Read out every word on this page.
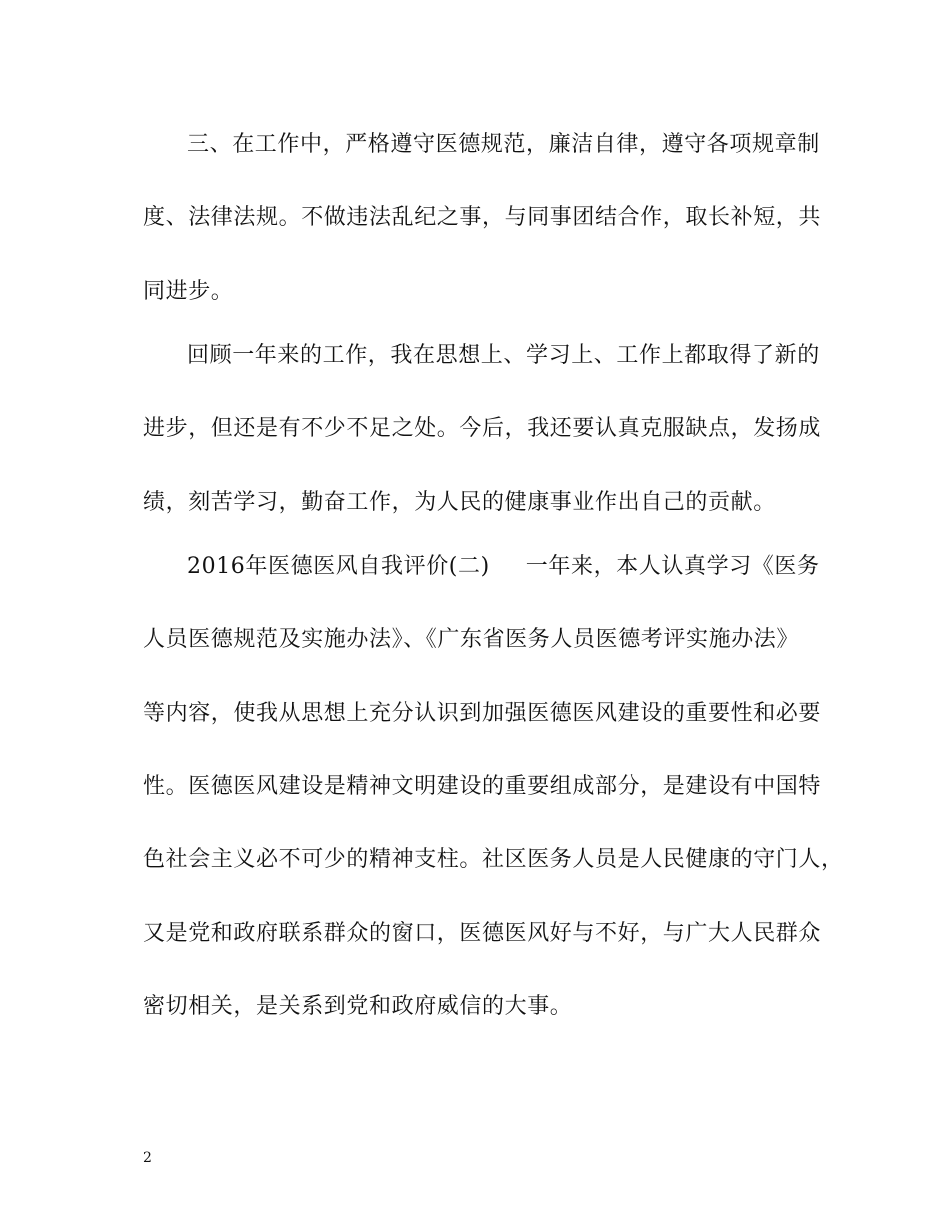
三、在工作中，严格遵守医德规范，廉洁自律，遵守各项规章制
度、法律法规。不做违法乱纪之事，与同事团结合作，取长补短，共
同进步。
回顾一年来的工作，我在思想上、学习上、工作上都取得了新的
进步，但还是有不少不足之处。今后，我还要认真克服缺点，发扬成
绩，刻苦学习，勤奋工作，为人民的健康事业作出自己的贡献。
2016年医德医风自我评价(二) 一年来，本人认真学习《医务
人员医德规范及实施办法》、《广东省医务人员医德考评实施办法》
等内容，使我从思想上充分认识到加强医德医风建设的重要性和必要
性。医德医风建设是精神文明建设的重要组成部分，是建设有中国特
色社会主义必不可少的精神支柱。社区医务人员是人民健康的守门人，
又是党和政府联系群众的窗口，医德医风好与不好，与广大人民群众
密切相关，是关系到党和政府威信的大事。
2
